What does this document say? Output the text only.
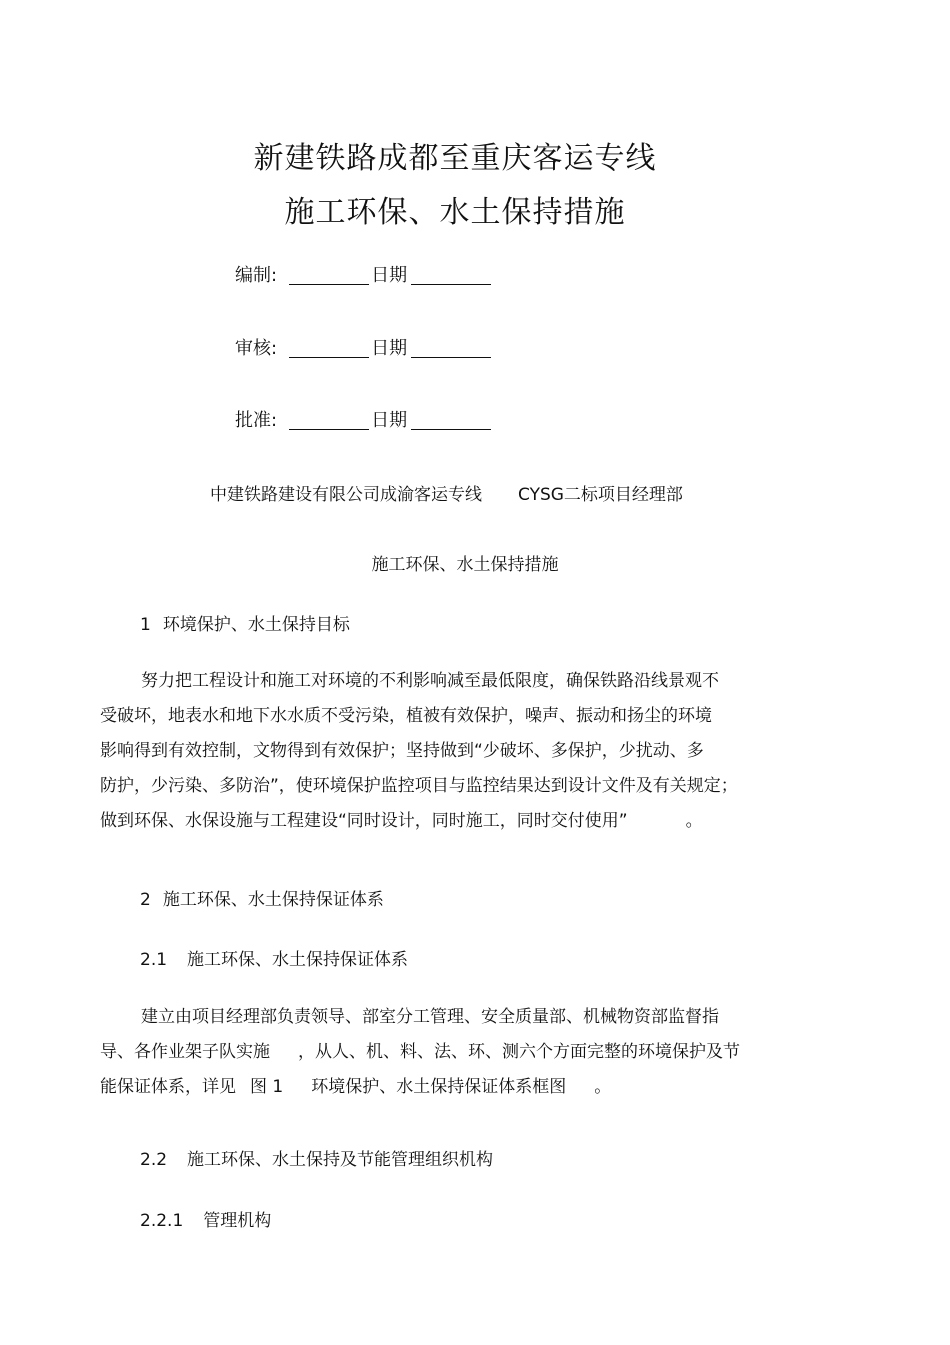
新建铁路成都至重庆客运专线
施工环保、水土保持措施
编制:	日期
审核:	日期
批准:	日期
中建铁路建设有限公司成渝客运专线 CYSG二标项目经理部
施工环保、水土保持措施
1 环境保护、水土保持目标
努力把工程设计和施工对环境的不利影响减至最低限度，确保铁路沿线景观不
受破坏，地表水和地下水水质不受污染，植被有效保护，噪声、振动和扬尘的环境
影响得到有效控制，文物得到有效保护；坚持做到“少破坏、多保护，少扰动、多
防护，少污染、多防治”，使环境保护监控项目与监控结果达到设计文件及有关规定；
做到环保、水保设施与工程建设“同时设计，同时施工，同时交付使用”	。
2 施工环保、水土保持保证体系
2.1 施工环保、水土保持保证体系
建立由项目经理部负责领导、部室分工管理、安全质量部、机械物资部监督指
导、各作业架子队实施 ，从人、机、料、法、环、测六个方面完整的环境保护及节
能保证体系，详见 图 1 环境保护、水土保持保证体系框图 。
2.2 施工环保、水土保持及节能管理组织机构
2.2.1 管理机构
